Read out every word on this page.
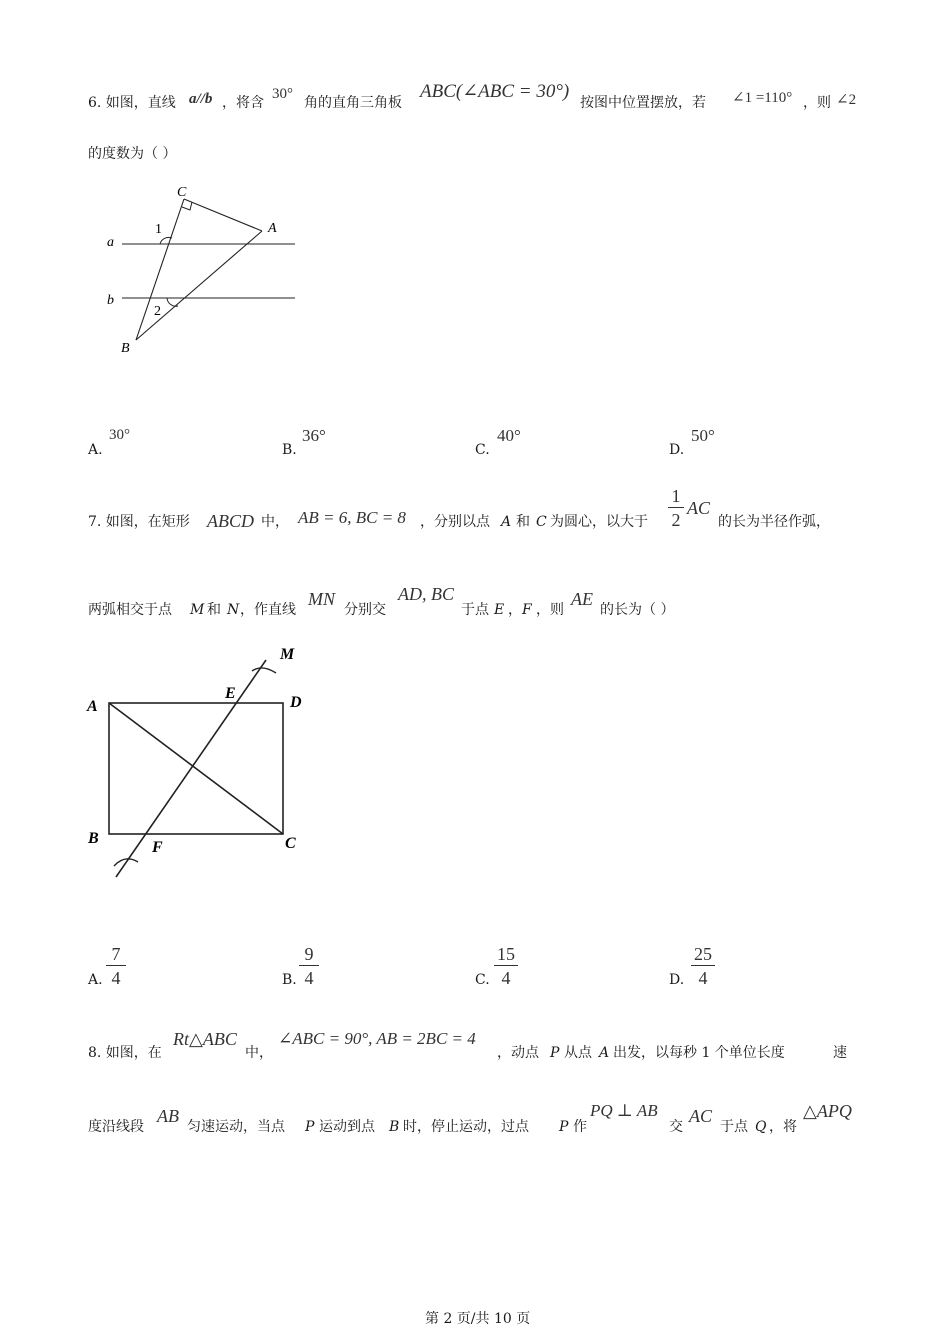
6. 如图，直线 a//b ，将含
30°
角的直角三角板
ABC(∠ABC = 30°)
按图中位置摆放，若 ∠1 =110° ，则 ∠2
的度数为（ ）
C
A
B
a
b
1
2
A.
30°
B.
36°
C.
40°
D.
50°
7. 如图，在矩形 ABCD 中， AB = 6, BC = 8 ，分别以点 A 和 C 为圆心，以大于
1
2
AC
的长为半径作弧，
两弧相交于点 M 和 N ，作直线
MN
分别交
AD, BC
于点 E ， F ，则
AE
的长为（ ）
A	D
B	C
E
F
M
A.
7
4	B.
9
4	C.
15
4	D.
25
4
8. 如图，在
Rt△ABC
中，
∠ABC = 90°, AB = 2BC = 4
，动点 P 从点 A 出发，以每秒 1 个单位长度	速
度沿线段
AB
匀速运动，当点 P 运动到点 B 时，停止运动，过点 P 作
PQ ⊥ AB
交
AC
于点 Q ，将
△APQ
第 2 页/共 10 页
